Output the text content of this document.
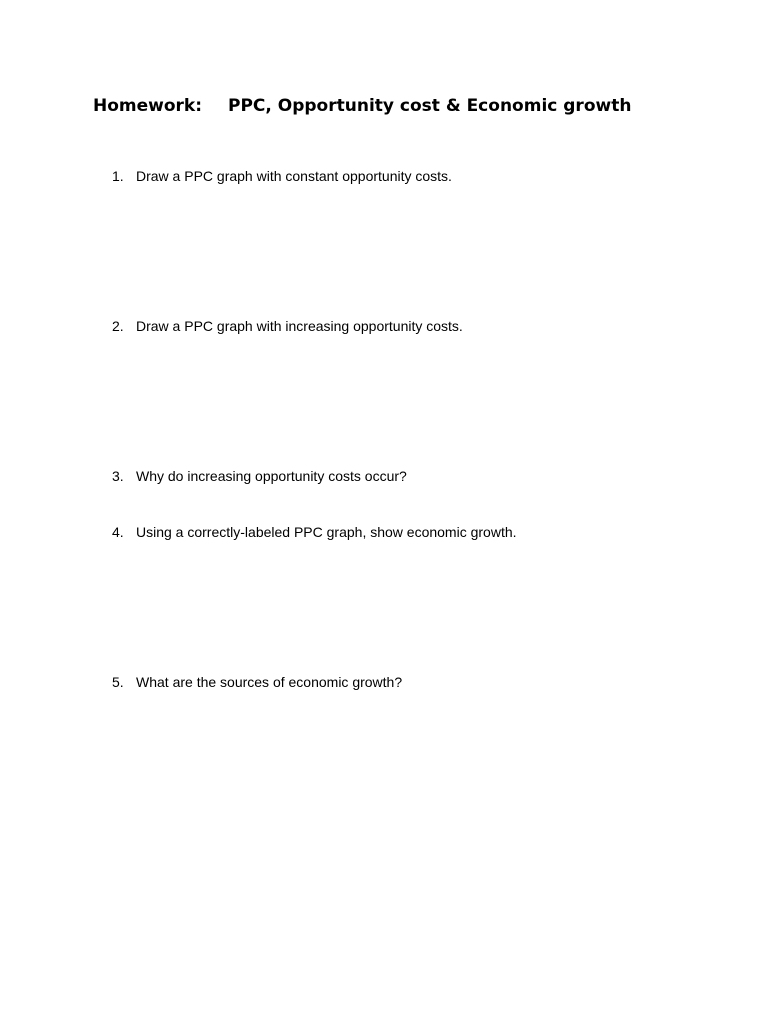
Homework: PPC, Opportunity cost & Economic growth
1. Draw a PPC graph with constant opportunity costs.
2. Draw a PPC graph with increasing opportunity costs.
3. Why do increasing opportunity costs occur?
4. Using a correctly-labeled PPC graph, show economic growth.
5. What are the sources of economic growth?
